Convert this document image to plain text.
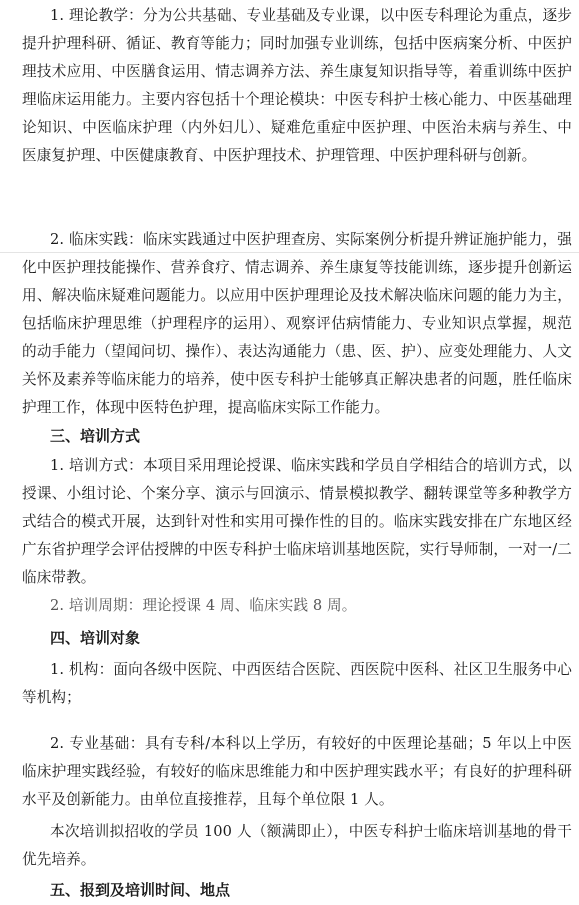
1. 理论教学：分为公共基础、专业基础及专业课，以中医专科理论为重点，逐步提升护理科研、循证、教育等能力；同时加强专业训练，包括中医病案分析、中医护理技术应用、中医膳食运用、情志调养方法、养生康复知识指导等，着重训练中医护理临床运用能力。主要内容包括十个理论模块：中医专科护士核心能力、中医基础理论知识、中医临床护理（内外妇儿）、疑难危重症中医护理、中医治未病与养生、中医康复护理、中医健康教育、中医护理技术、护理管理、中医护理科研与创新。

2. 临床实践：临床实践通过中医护理查房、实际案例分析提升辨证施护能力，强化中医护理技能操作、营养食疗、情志调养、养生康复等技能训练，逐步提升创新运用、解决临床疑难问题能力。以应用中医护理理论及技术解决临床问题的能力为主，包括临床护理思维（护理程序的运用）、观察评估病情能力、专业知识点掌握，规范的动手能力（望闻问切、操作）、表达沟通能力（患、医、护）、应变处理能力、人文关怀及素养等临床能力的培养，使中医专科护士能够真正解决患者的问题，胜任临床护理工作，体现中医特色护理，提高临床实际工作能力。

三、培训方式

1. 培训方式：本项目采用理论授课、临床实践和学员自学相结合的培训方式，以授课、小组讨论、个案分享、演示与回演示、情景模拟教学、翻转课堂等多种教学方式结合的模式开展，达到针对性和实用可操作性的目的。临床实践安排在广东地区经广东省护理学会评估授牌的中医专科护士临床培训基地医院，实行导师制，一对一/二临床带教。

2. 培训周期：理论授课 4 周、临床实践 8 周。

四、培训对象

1. 机构：面向各级中医院、中西医结合医院、西医院中医科、社区卫生服务中心等机构；

2. 专业基础：具有专科/本科以上学历，有较好的中医理论基础；5 年以上中医临床护理实践经验，有较好的临床思维能力和中医护理实践水平；有良好的护理科研水平及创新能力。由单位直接推荐，且每个单位限 1 人。

本次培训拟招收的学员 100 人（额满即止），中医专科护士临床培训基地的骨干优先培养。

五、报到及培训时间、地点
